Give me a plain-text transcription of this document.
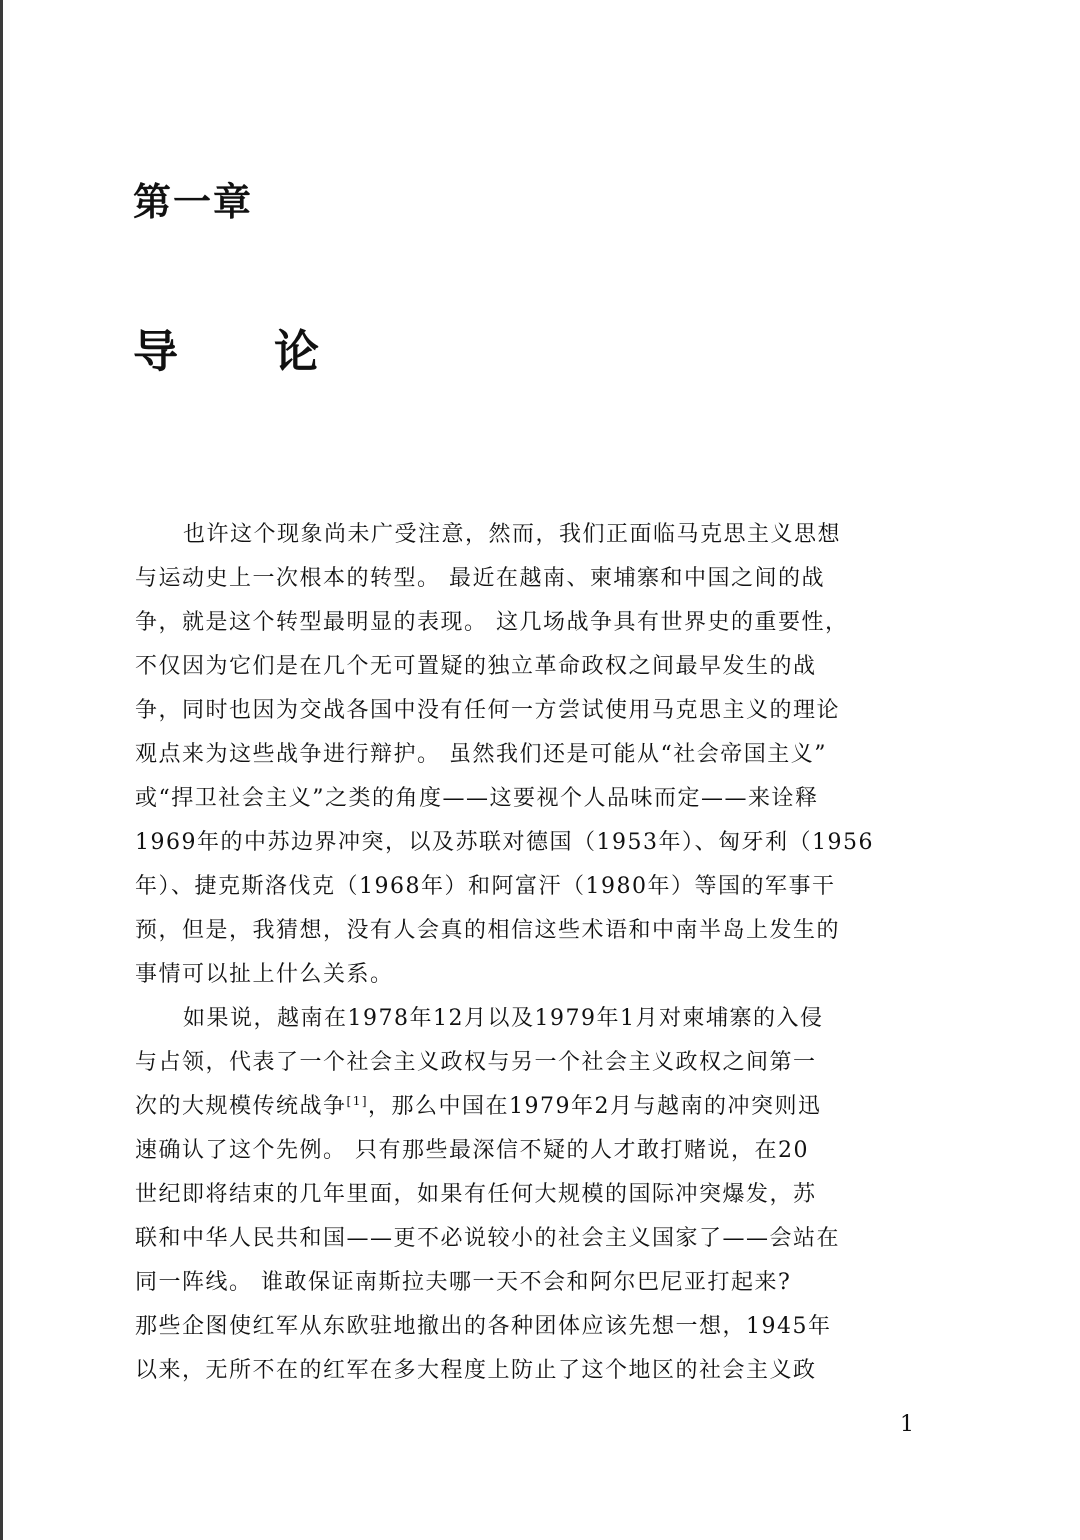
第一章
导 论

也许这个现象尚未广受注意，然而，我们正面临马克思主义思想
与运动史上一次根本的转型。 最近在越南、柬埔寨和中国之间的战
争，就是这个转型最明显的表现。 这几场战争具有世界史的重要性，
不仅因为它们是在几个无可置疑的独立革命政权之间最早发生的战
争，同时也因为交战各国中没有任何一方尝试使用马克思主义的理论
观点来为这些战争进行辩护。 虽然我们还是可能从“社会帝国主义”
或“捍卫社会主义”之类的角度——这要视个人品味而定——来诠释
1969年的中苏边界冲突，以及苏联对德国（1953年）、匈牙利（1956
年）、捷克斯洛伐克（1968年）和阿富汗（1980年）等国的军事干
预，但是，我猜想，没有人会真的相信这些术语和中南半岛上发生的
事情可以扯上什么关系。

如果说，越南在1978年12月以及1979年1月对柬埔寨的入侵
与占领，代表了一个社会主义政权与另一个社会主义政权之间第一
次的大规模传统战争[1]，那么中国在1979年2月与越南的冲突则迅
速确认了这个先例。 只有那些最深信不疑的人才敢打赌说，在20
世纪即将结束的几年里面，如果有任何大规模的国际冲突爆发，苏
联和中华人民共和国——更不必说较小的社会主义国家了——会站在
同一阵线。 谁敢保证南斯拉夫哪一天不会和阿尔巴尼亚打起来?
那些企图使红军从东欧驻地撤出的各种团体应该先想一想，1945年
以来，无所不在的红军在多大程度上防止了这个地区的社会主义政

1
